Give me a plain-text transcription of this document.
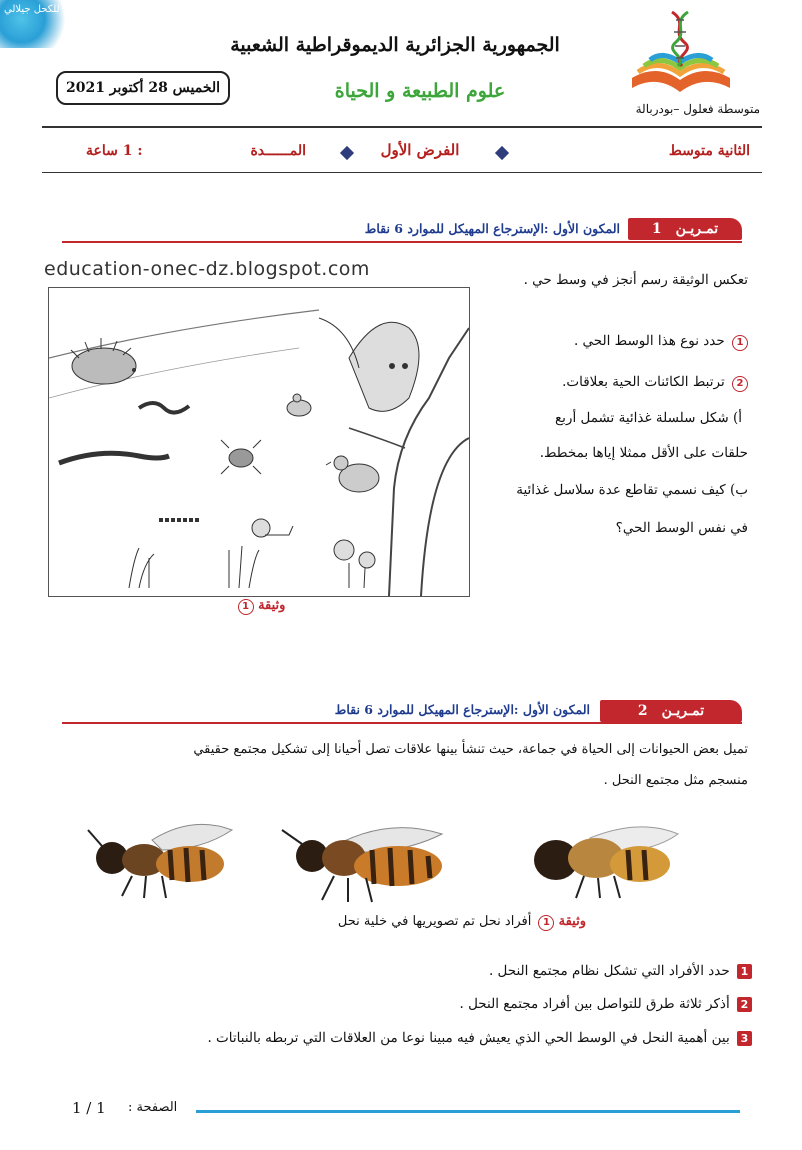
للكحل جيلالي
الجمهورية الجزائرية الديموقراطية الشعبية
الخميس 28 أكتوبر 2021	علوم الطبيعة و الحياة
متوسطة فعلول –بودربالة
الثانية متوسط
الفرض الأول
المــــــدة
: 1 ساعة
تمـريـن
1
المكون الأول :الإسترجاع المهيكل للموارد 6 نقاط
education-onec-dz.blogspot.com
وثيقة 1
تعكس الوثيقة رسم أنجز في وسط حي .
1 حدد نوع هذا الوسط الحي .
2 ترتبط الكائنات الحية بعلاقات.
أ) شكل سلسلة غذائية تشمل أربع
حلقات على الأقل ممثلا إياها بمخطط.
ب) كيف نسمي تقاطع عدة سلاسل غذائية
في نفس الوسط الحي؟
تمـريـن
2
المكون الأول :الإسترجاع المهيكل للموارد 6 نقاط
تميل بعض الحيوانات إلى الحياة في جماعة، حيث تنشأ بينها علاقات تصل أحيانا إلى تشكيل مجتمع حقيقي
منسجم مثل مجتمع النحل .
وثيقة 1 أفراد نحل تم تصويريها في خلية نحل
1 حدد الأفراد التي تشكل نظام مجتمع النحل .
2 أذكر ثلاثة طرق للتواصل بين أفراد مجتمع النحل .
3 بين أهمية النحل في الوسط الحي الذي يعيش فيه مبينا نوعا من العلاقات التي تربطه بالنباتات .
الصفحة :
1 / 1
